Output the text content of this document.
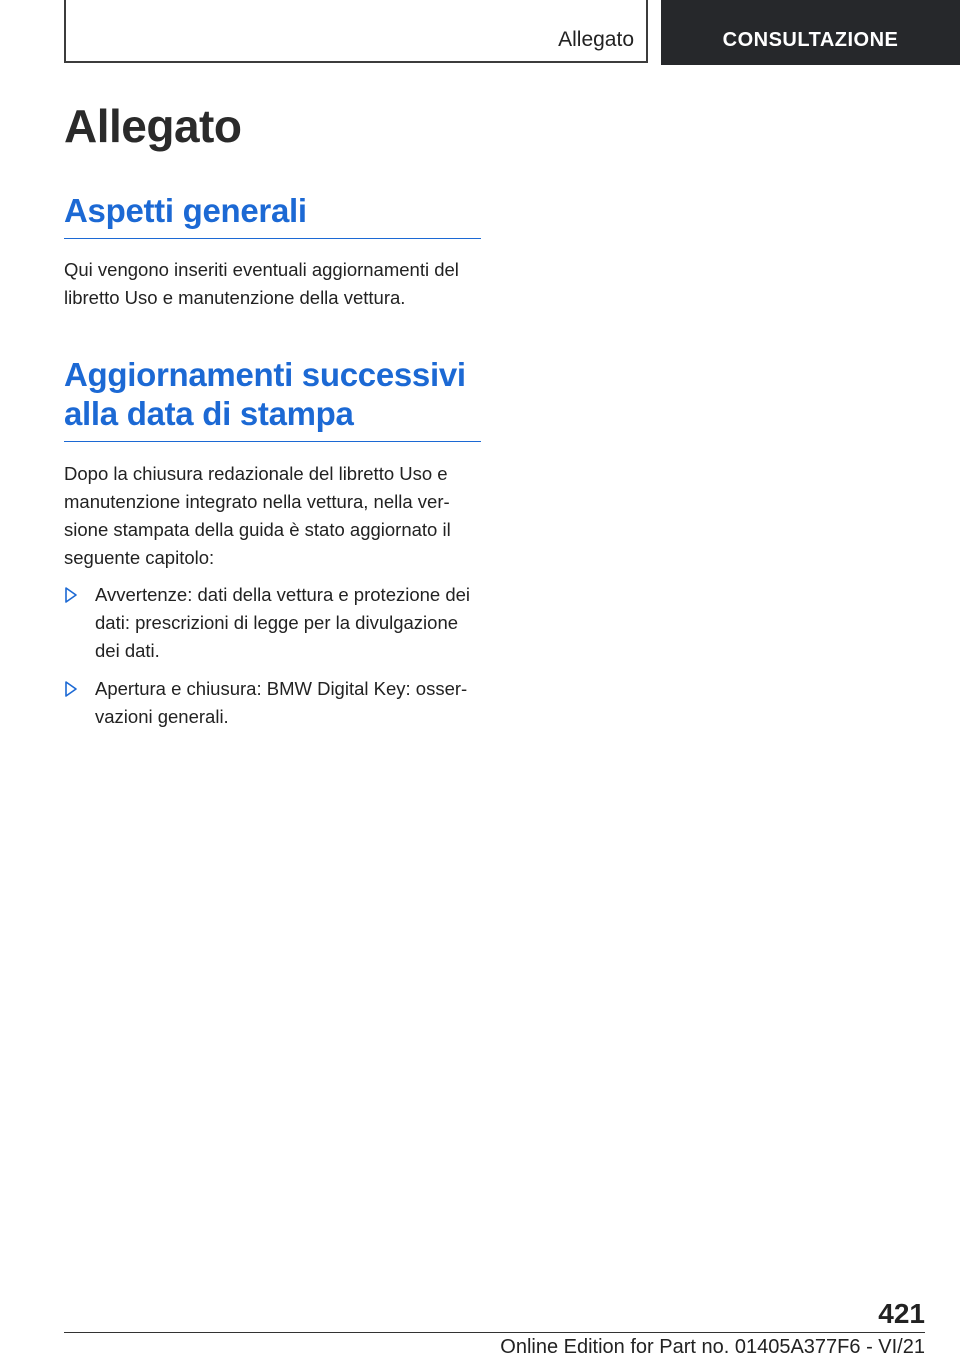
Allegato	CONSULTAZIONE
Allegato
Aspetti generali

Qui vengono inseriti eventuali aggiornamenti del libretto Uso e manutenzione della vettura.

Aggiornamenti successivi
alla data di stampa

Dopo la chiusura redazionale del libretto Uso e manutenzione integrato nella vettura, nella versione stampata della guida è stato aggiornato il seguente capitolo:

Avvertenze: dati della vettura e protezione dei dati: prescrizioni di legge per la divulgazione dei dati.
Apertura e chiusura: BMW Digital Key: osservazioni generali.
421
Online Edition for Part no. 01405A377F6 - VI/21
